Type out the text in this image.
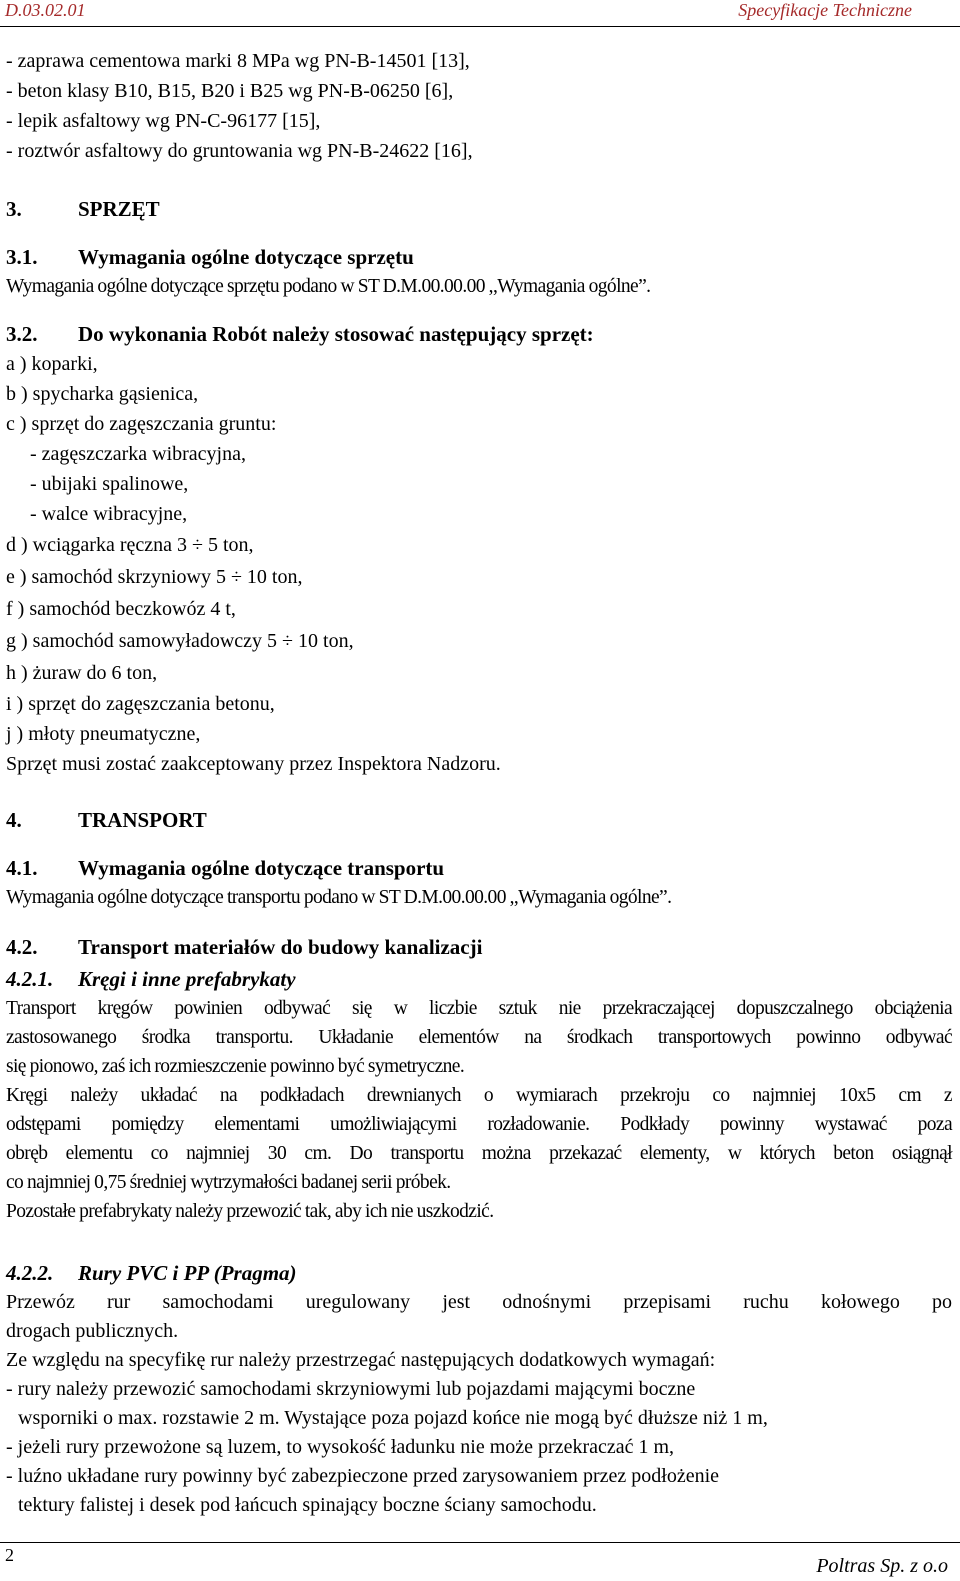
D.03.02.01	Specyfikacje Techniczne

- zaprawa cementowa marki 8 MPa wg PN-B-14501 [13],

- beton klasy B10, B15, B20 i B25 wg PN-B-06250 [6],

- lepik asfaltowy wg PN-C-96177 [15],

- roztwór asfaltowy do gruntowania wg PN-B-24622 [16],

3.	SPRZĘT

3.1. Wymagania ogólne dotyczące sprzętu

Wymagania ogólne dotyczące sprzętu podano w ST D.M.00.00.00 ,,Wymagania ogólne”.

3.2. Do wykonania Robót należy stosować następujący sprzęt:

a ) koparki,

b ) spycharka gąsienica,

c ) sprzęt do zagęszczania gruntu:

- zagęszczarka wibracyjna,

- ubijaki spalinowe,

- walce wibracyjne,

d ) wciągarka ręczna 3 ÷ 5 ton,

e ) samochód skrzyniowy 5 ÷ 10 ton,

f ) samochód beczkowóz 4 t,

g ) samochód samowyładowczy 5 ÷ 10 ton,

h ) żuraw do 6 ton,

i ) sprzęt do zagęszczania betonu,

j ) młoty pneumatyczne,

Sprzęt musi zostać zaakceptowany przez Inspektora Nadzoru.

4.	TRANSPORT

4.1. Wymagania ogólne dotyczące transportu

Wymagania ogólne dotyczące transportu podano w ST D.M.00.00.00 ,,Wymagania ogólne”.

4.2. Transport materiałów do budowy kanalizacji

4.2.1. Kręgi i inne prefabrykaty

Transport kręgów powinien odbywać się w liczbie sztuk nie przekraczającej dopuszczalnego obciążenia

zastosowanego środka transportu. Układanie elementów na środkach transportowych powinno odbywać

się pionowo, zaś ich rozmieszczenie powinno być symetryczne.

Kręgi należy układać na podkładach drewnianych o wymiarach przekroju co najmniej 10x5 cm z

odstępami pomiędzy elementami umożliwiającymi rozładowanie. Podkłady powinny wystawać poza

obręb elementu co najmniej 30 cm. Do transportu można przekazać elementy, w których beton osiągnął

co najmniej 0,75 średniej wytrzymałości badanej serii próbek.

Pozostałe prefabrykaty należy przewozić tak, aby ich nie uszkodzić.

4.2.2. Rury PVC i PP (Pragma)

Przewóz rur samochodami uregulowany jest odnośnymi przepisami ruchu kołowego po

drogach publicznych.

Ze względu na specyfikę rur należy przestrzegać następujących dodatkowych wymagań:

- rury należy przewozić samochodami skrzyniowymi lub pojazdami mającymi boczne

wsporniki o max. rozstawie 2 m. Wystające poza pojazd końce nie mogą być dłuższe niż 1 m,

- jeżeli rury przewożone są luzem, to wysokość ładunku nie może przekraczać 1 m,

- luźno układane rury powinny być zabezpieczone przed zarysowaniem przez podłożenie

tektury falistej i desek pod łańcuch spinający boczne ściany samochodu.

2	Poltras Sp. z o.o
